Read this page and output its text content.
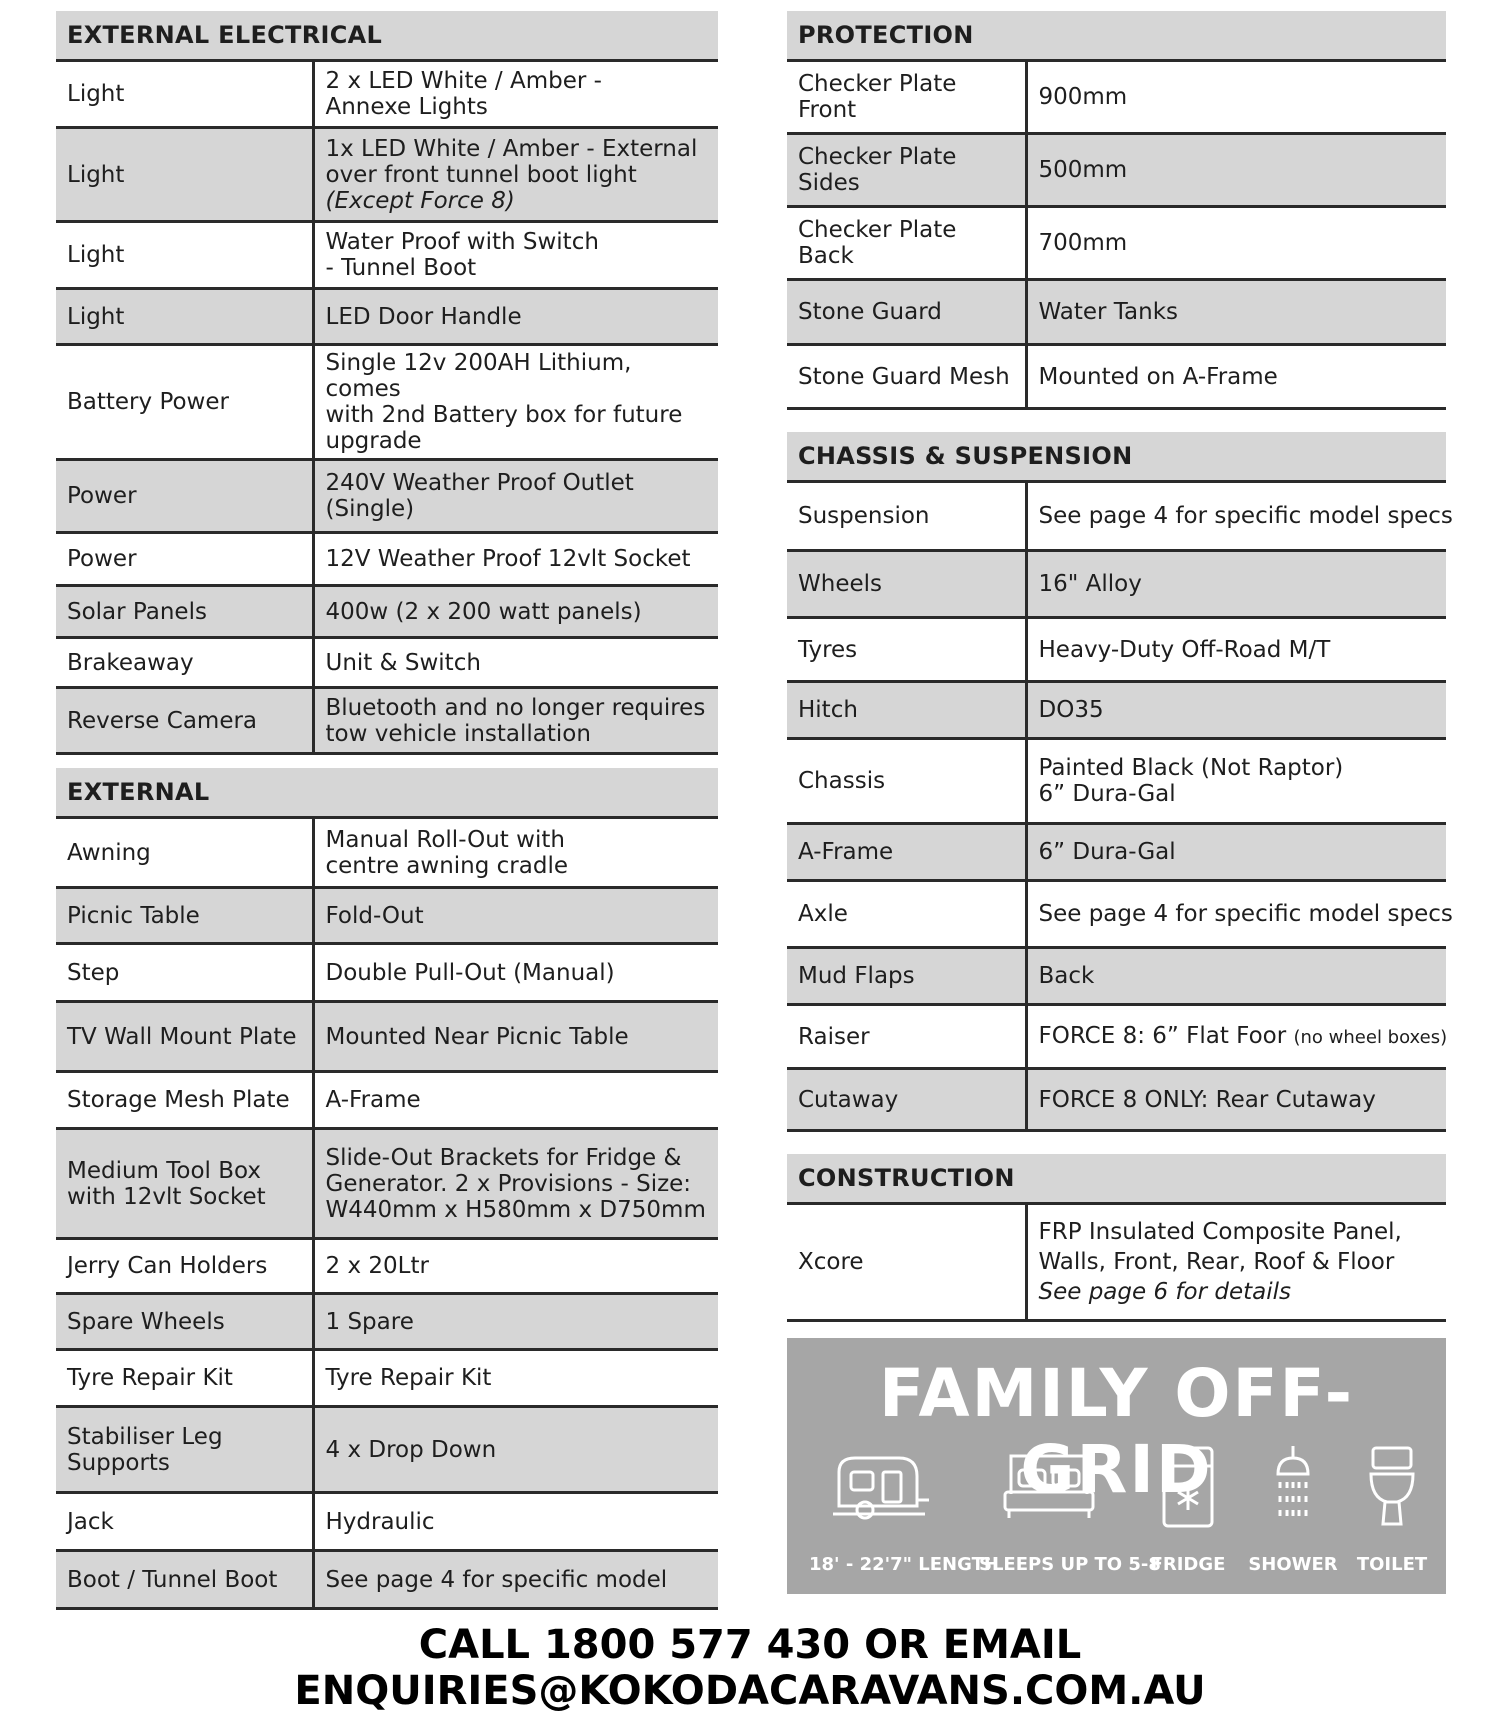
EXTERNAL ELECTRICAL	
Light	2 x LED White / Amber -
Annexe Lights
Light	1x LED White / Amber - External
over front tunnel boot light
(Except Force 8)
Light	Water Proof with Switch
- Tunnel Boot
Light	LED Door Handle
Battery Power	Single 12v 200AH Lithium, comes
with 2nd Battery box for future
upgrade
Power	240V Weather Proof Outlet
(Single)
Power	12V Weather Proof 12vlt Socket
Solar Panels	400w (2 x 200 watt panels)
Brakeaway	Unit & Switch
Reverse Camera	Bluetooth and no longer requires
tow vehicle installation
EXTERNAL	
Awning	Manual Roll-Out with
centre awning cradle
Picnic Table	Fold-Out
Step	Double Pull-Out (Manual)
TV Wall Mount Plate	Mounted Near Picnic Table
Storage Mesh Plate	A-Frame
Medium Tool Box
with 12vlt Socket	Slide-Out Brackets for Fridge &
Generator. 2 x Provisions - Size:
W440mm x H580mm x D750mm
Jerry Can Holders	2 x 20Ltr
Spare Wheels	1 Spare
Tyre Repair Kit	Tyre Repair Kit
Stabiliser Leg
Supports	4 x Drop Down
Jack	Hydraulic
Boot / Tunnel Boot	See page 4 for specific model
PROTECTION	
Checker Plate
Front	900mm
Checker Plate
Sides	500mm
Checker Plate
Back	700mm
Stone Guard	Water Tanks
Stone Guard Mesh	Mounted on A-Frame
CHASSIS & SUSPENSION	
Suspension	See page 4 for specific model specs
Wheels	16" Alloy
Tyres	Heavy-Duty Off-Road M/T
Hitch	DO35
Chassis	Painted Black (Not Raptor)
6” Dura-Gal
A-Frame	6” Dura-Gal
Axle	See page 4 for specific model specs
Mud Flaps	Back
Raiser	FORCE 8: 6” Flat Foor (no wheel boxes)
Cutaway	FORCE 8 ONLY: Rear Cutaway
CONSTRUCTION
Xcore	FRP Insulated Composite Panel,
Walls, Front, Rear, Roof & Floor
See page 6 for details
FAMILY OFF-GRID
18' - 22'7" LENGTH
SLEEPS UP TO 5-8
FRIDGE	SHOWER	TOILET
CALL 1800 577 430 OR EMAIL ENQUIRIES@KOKODACARAVANS.COM.AU
